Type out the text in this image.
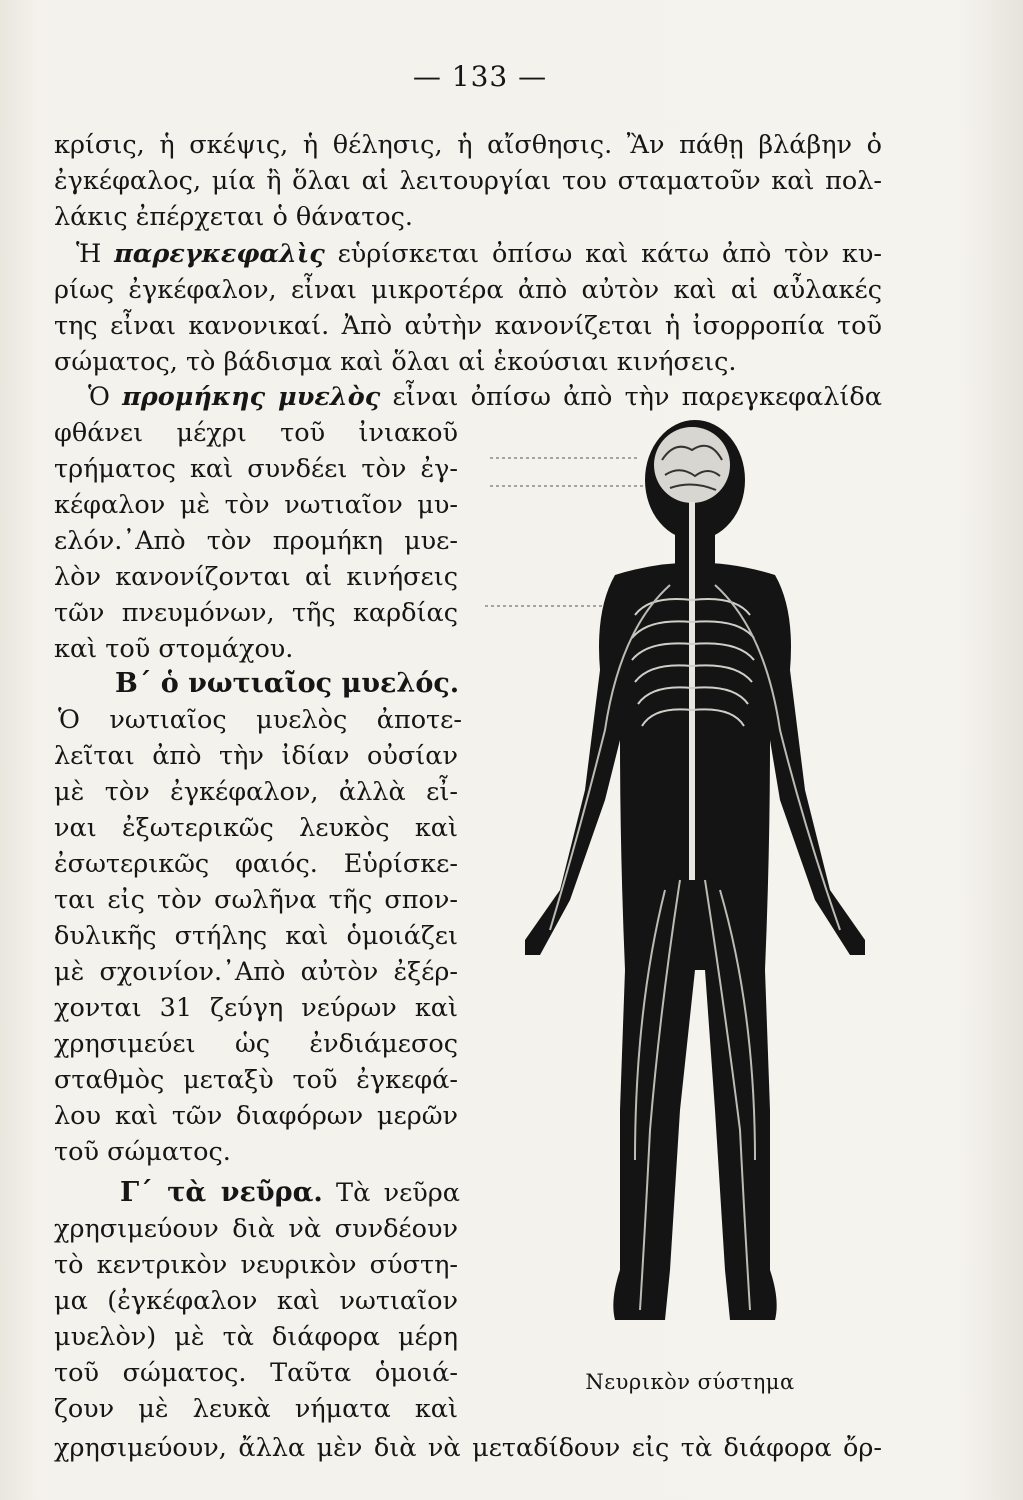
— 133 —
κρίσις, ἡ σκέψις, ἡ θέλησις, ἡ αἴσθησις. Ἂν πάθῃ βλάβην ὁ
ἐγκέφαλος, μία ἢ ὅλαι αἱ λειτουργίαι του σταματοῦν καὶ πολ-
λάκις ἐπέρχεται ὁ θάνατος.
Ἡ παρεγκεφαλὶς εὑρίσκεται ὀπίσω καὶ κάτω ἀπὸ τὸν κυ-
ρίως ἐγκέφαλον, εἶναι μικροτέρα ἀπὸ αὐτὸν καὶ αἱ αὖλακές
της εἶναι κανονικαί. Ἀπὸ αὐτὴν κανονίζεται ἡ ἰσορροπία τοῦ
σώματος, τὸ βάδισμα καὶ ὅλαι αἱ ἑκούσιαι κινήσεις.
Ὁ προμήκης μυελὸς εἶναι ὀπίσω ἀπὸ τὴν παρεγκεφαλίδα
φθάνει μέχρι τοῦ ἰνιακοῦ
τρήματος καὶ συνδέει τὸν ἐγ-
κέφαλον μὲ τὸν νωτιαῖον μυ-
ελόν.᾿Απὸ τὸν προμήκη μυε-
λὸν κανονίζονται αἱ κινήσεις
τῶν πνευμόνων, τῆς καρδίας
καὶ τοῦ στομάχου.
Β΄ ὁ νωτιαῖος μυελός.
Ὁ νωτιαῖος μυελὸς ἀποτε-
λεῖται ἀπὸ τὴν ἰδίαν οὐσίαν
μὲ τὸν ἐγκέφαλον, ἀλλὰ εἶ-
ναι ἐξωτερικῶς λευκὸς καὶ
ἐσωτερικῶς φαιός. Εὑρίσκε-
ται εἰς τὸν σωλῆνα τῆς σπον-
δυλικῆς στήλης καὶ ὁμοιάζει
μὲ σχοινίον.᾿Απὸ αὐτὸν ἐξέρ-
χονται 31 ζεύγη νεύρων καὶ
χρησιμεύει ὡς ἐνδιάμεσος
σταθμὸς μεταξὺ τοῦ ἐγκεφά-
λου καὶ τῶν διαφόρων μερῶν
τοῦ σώματος.
Γ΄ τὰ νεῦρα. Τὰ νεῦρα
χρησιμεύουν διὰ νὰ συνδέουν
τὸ κεντρικὸν νευρικὸν σύστη-
μα (ἐγκέφαλον καὶ νωτιαῖον
μυελὸν) μὲ τὰ διάφορα μέρη
τοῦ σώματος. Ταῦτα ὁμοιά-
ζουν μὲ λευκὰ νήματα καὶ
χρησιμεύουν, ἄλλα μὲν διὰ νὰ μεταδίδουν εἰς τὰ διάφορα ὄρ-
Νευρικὸν σύστημα
